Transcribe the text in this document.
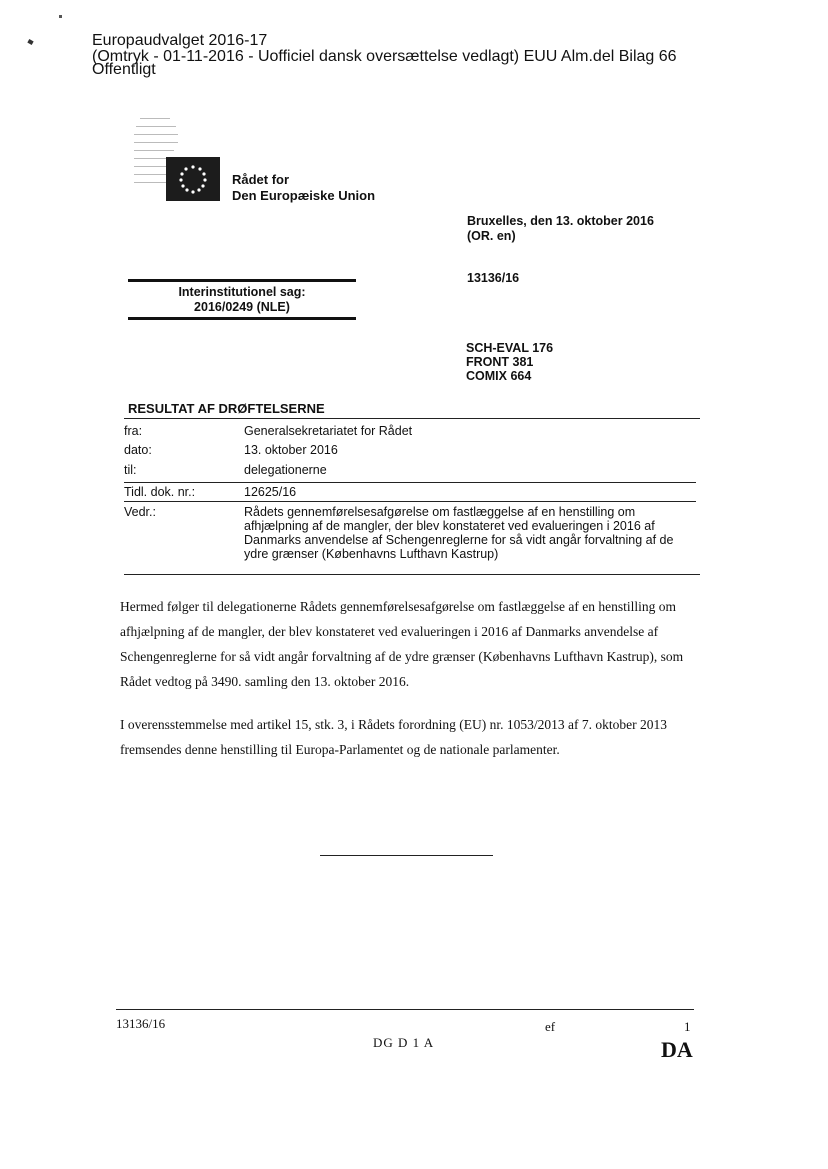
Europaudvalget 2016-17
(Omtryk - 01-11-2016 - Uofficiel dansk oversættelse vedlagt) EUU Alm.del Bilag 66
Offentligt
Rådet for
Den Europæiske Union
Bruxelles, den 13. oktober 2016
(OR. en)
13136/16
Interinstitutionel sag:
2016/0249 (NLE)
SCH-EVAL 176
FRONT 381
COMIX 664
RESULTAT AF DRØFTELSERNE
fra:	Generalsekretariatet for Rådet
dato:	13. oktober 2016
til:	delegationerne
Tidl. dok. nr.:	12625/16
Vedr.:	Rådets gennemførelsesafgørelse om fastlæggelse af en henstilling om afhjælpning af de mangler, der blev konstateret ved evalueringen i 2016 af Danmarks anvendelse af Schengenreglerne for så vidt angår forvaltning af de ydre grænser (Københavns Lufthavn Kastrup)
Hermed følger til delegationerne Rådets gennemførelsesafgørelse om fastlæggelse af en henstilling om afhjælpning af de mangler, der blev konstateret ved evalueringen i 2016 af Danmarks anvendelse af Schengenreglerne for så vidt angår forvaltning af de ydre grænser (Københavns Lufthavn Kastrup), som Rådet vedtog på 3490. samling den 13. oktober 2016.
I overensstemmelse med artikel 15, stk. 3, i Rådets forordning (EU) nr. 1053/2013 af 7. oktober 2013 fremsendes denne henstilling til Europa-Parlamentet og de nationale parlamenter.
13136/16	ef	1
DG D 1 A	DA
